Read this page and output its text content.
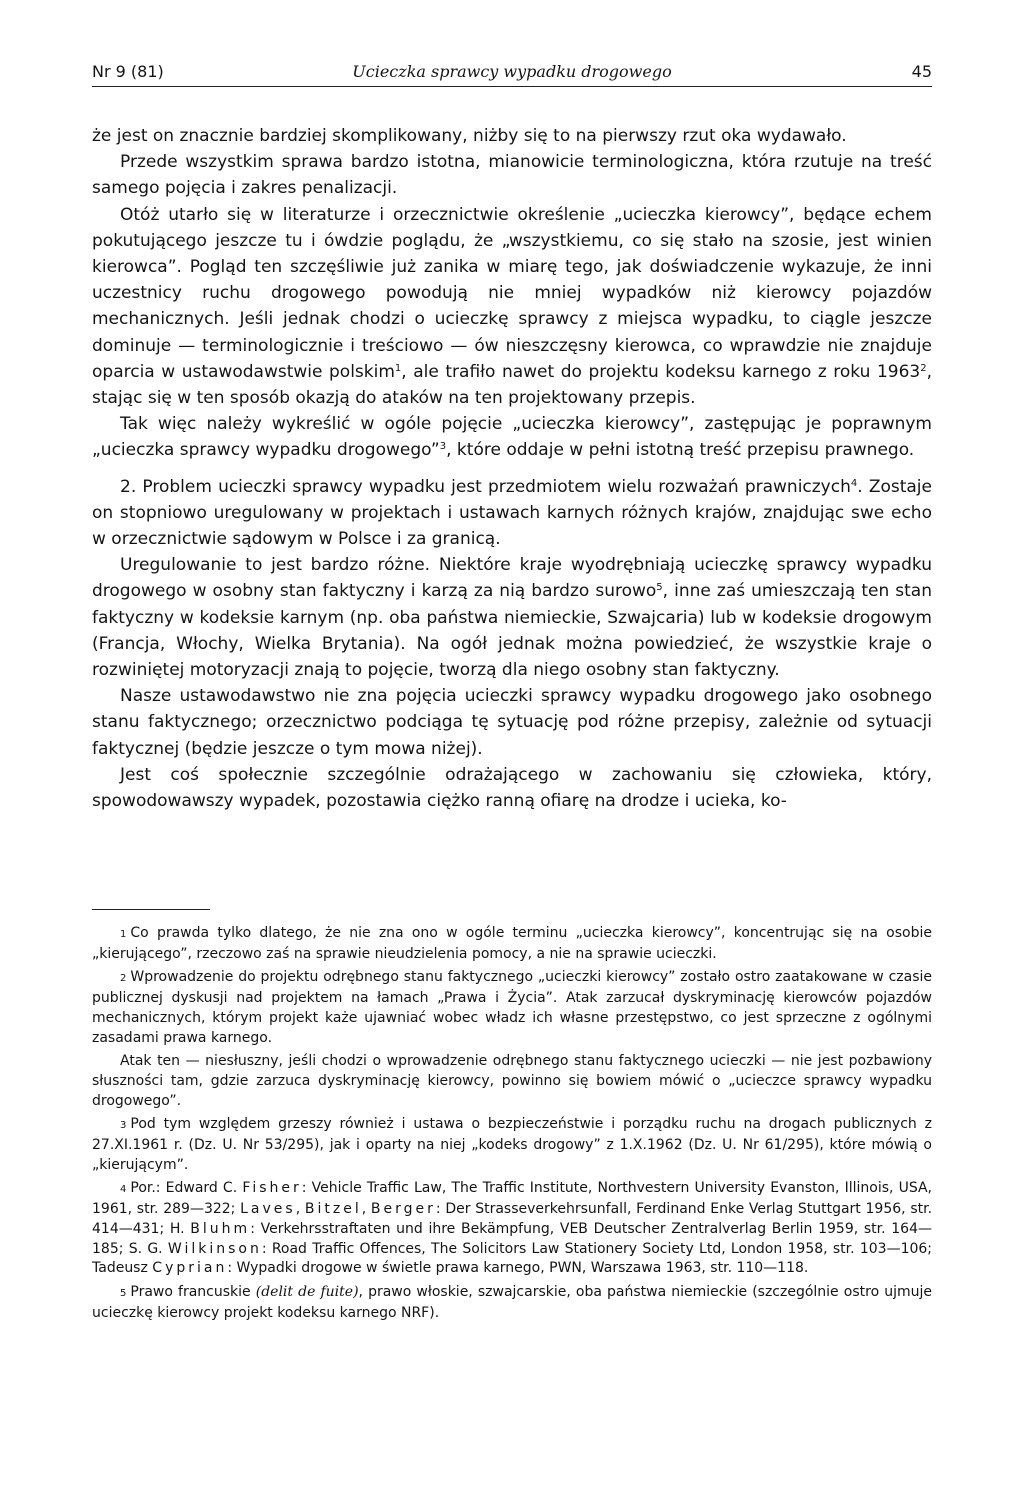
Nr 9 (81)	Ucieczka sprawcy wypadku drogowego	45

że jest on znacznie bardziej skomplikowany, niżby się to na pierwszy rzut oka wydawało.

Przede wszystkim sprawa bardzo istotna, mianowicie terminologiczna, która rzutuje na treść samego pojęcia i zakres penalizacji.

Otóż utarło się w literaturze i orzecznictwie określenie „ucieczka kierowcy”, będące echem pokutującego jeszcze tu i ówdzie poglądu, że „wszystkiemu, co się stało na szosie, jest winien kierowca”. Pogląd ten szczęśliwie już zanika w miarę tego, jak doświadczenie wykazuje, że inni uczestnicy ruchu drogowego powodują nie mniej wypadków niż kierowcy pojazdów mechanicznych. Jeśli jednak chodzi o ucieczkę sprawcy z miejsca wypadku, to ciągle jeszcze dominuje — terminologicznie i treściowo — ów nieszczęsny kierowca, co wprawdzie nie znajduje oparcia w ustawodawstwie polskim$^1$, ale trafiło nawet do projektu kodeksu karnego z roku 1963$^2$, stając się w ten sposób okazją do ataków na ten projektowany przepis.

Tak więc należy wykreślić w ogóle pojęcie „ucieczka kierowcy”, zastępując je poprawnym „ucieczka sprawcy wypadku drogowego”$^3$, które oddaje w pełni istotną treść przepisu prawnego.

2. Problem ucieczki sprawcy wypadku jest przedmiotem wielu rozważań prawniczych$^4$. Zostaje on stopniowo uregulowany w projektach i ustawach karnych różnych krajów, znajdując swe echo w orzecznictwie sądowym w Polsce i za granicą.

Uregulowanie to jest bardzo różne. Niektóre kraje wyodrębniają ucieczkę sprawcy wypadku drogowego w osobny stan faktyczny i karzą za nią bardzo surowo$^5$, inne zaś umieszczają ten stan faktyczny w kodeksie karnym (np. oba państwa niemieckie, Szwajcaria) lub w kodeksie drogowym (Francja, Włochy, Wielka Brytania). Na ogół jednak można powiedzieć, że wszystkie kraje o rozwiniętej motoryzacji znają to pojęcie, tworzą dla niego osobny stan faktyczny.

Nasze ustawodawstwo nie zna pojęcia ucieczki sprawcy wypadku drogowego jako osobnego stanu faktycznego; orzecznictwo podciąga tę sytuację pod różne przepisy, zależnie od sytuacji faktycznej (będzie jeszcze o tym mowa niżej).

Jest coś społecznie szczególnie odrażającego w zachowaniu się człowieka, który, spowodowawszy wypadek, pozostawia ciężko ranną ofiarę na drodze i ucieka, ko-

1 Co prawda tylko dlatego, że nie zna ono w ogóle terminu „ucieczka kierowcy”, koncentrując się na osobie „kierującego”, rzeczowo zaś na sprawie nieudzielenia pomocy, a nie na sprawie ucieczki.

2 Wprowadzenie do projektu odrębnego stanu faktycznego „ucieczki kierowcy” zostało ostro zaatakowane w czasie publicznej dyskusji nad projektem na łamach „Prawa i Życia”. Atak zarzucał dyskryminację kierowców pojazdów mechanicznych, którym projekt każe ujawniać wobec władz ich własne przestępstwo, co jest sprzeczne z ogólnymi zasadami prawa karnego.

Atak ten — niesłuszny, jeśli chodzi o wprowadzenie odrębnego stanu faktycznego ucieczki — nie jest pozbawiony słuszności tam, gdzie zarzuca dyskryminację kierowcy, powinno się bowiem mówić o „ucieczce sprawcy wypadku drogowego”.

3 Pod tym względem grzeszy również i ustawa o bezpieczeństwie i porządku ruchu na drogach publicznych z 27.XI.1961 r. (Dz. U. Nr 53/295), jak i oparty na niej „kodeks drogowy” z 1.X.1962 (Dz. U. Nr 61/295), które mówią o „kierującym”.

4 Por.: Edward C. Fisher: Vehicle Traffic Law, The Traffic Institute, Northvestern University Evanston, Illinois, USA, 1961, str. 289—322; Laves, Bitzel, Berger: Der Strasseverkehrsunfall, Ferdinand Enke Verlag Stuttgart 1956, str. 414—431; H. Bluhm: Verkehrsstraftaten und ihre Bekämpfung, VEB Deutscher Zentralverlag Berlin 1959, str. 164—185; S. G. Wilkinson: Road Traffic Offences, The Solicitors Law Stationery Society Ltd, London 1958, str. 103—106; Tadeusz Cyprian: Wypadki drogowe w świetle prawa karnego, PWN, Warszawa 1963, str. 110—118.

5 Prawo francuskie (delit de fuite), prawo włoskie, szwajcarskie, oba państwa niemieckie (szczególnie ostro ujmuje ucieczkę kierowcy projekt kodeksu karnego NRF).
